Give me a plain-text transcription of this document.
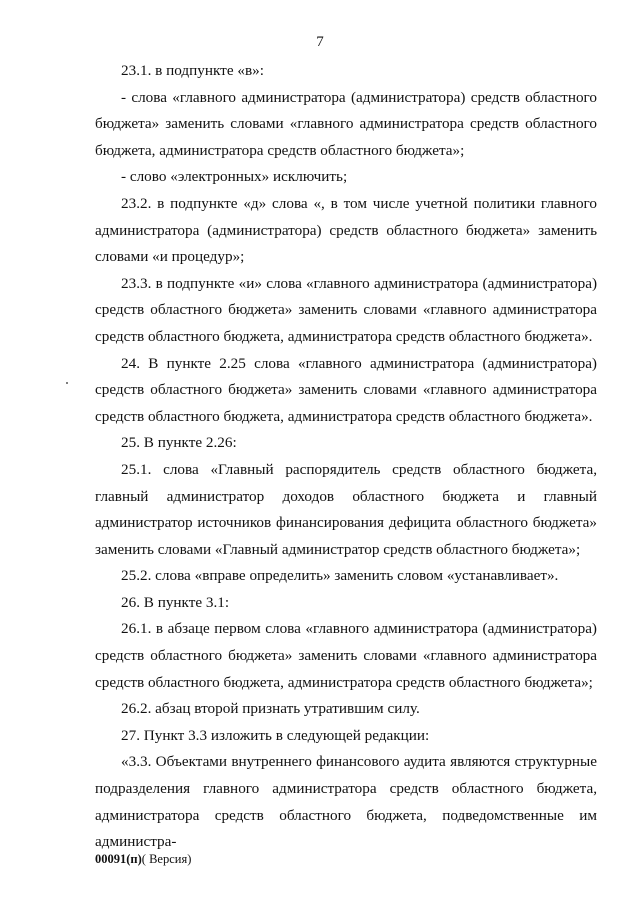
7

23.1. в подпункте «в»:

- слова «главного администратора (администратора) средств областного бюджета» заменить словами «главного администратора средств областного бюджета, администратора средств областного бюджета»;

- слово «электронных» исключить;

23.2. в подпункте «д» слова «, в том числе учетной политики главного администратора (администратора) средств областного бюджета» заменить словами «и процедур»;

23.3. в подпункте «и» слова «главного администратора (администратора) средств областного бюджета» заменить словами «главного администратора средств областного бюджета, администратора средств областного бюджета».

24. В пункте 2.25 слова «главного администратора (администратора) средств областного бюджета» заменить словами «главного администратора средств областного бюджета, администратора средств областного бюджета».

25. В пункте 2.26:

25.1. слова «Главный распорядитель средств областного бюджета, главный администратор доходов областного бюджета и главный администратор источников финансирования дефицита областного бюджета» заменить словами «Главный администратор средств областного бюджета»;

25.2. слова «вправе определить» заменить словом «устанавливает».

26. В пункте 3.1:

26.1. в абзаце первом слова «главного администратора (администратора) средств областного бюджета» заменить словами «главного администратора средств областного бюджета, администратора средств областного бюджета»;

26.2. абзац второй признать утратившим силу.

27. Пункт 3.3 изложить в следующей редакции:

«3.3. Объектами внутреннего финансового аудита являются структурные подразделения главного администратора средств областного бюджета, администратора средств областного бюджета, подведомственные им администра-

00091(п)( Версия)
